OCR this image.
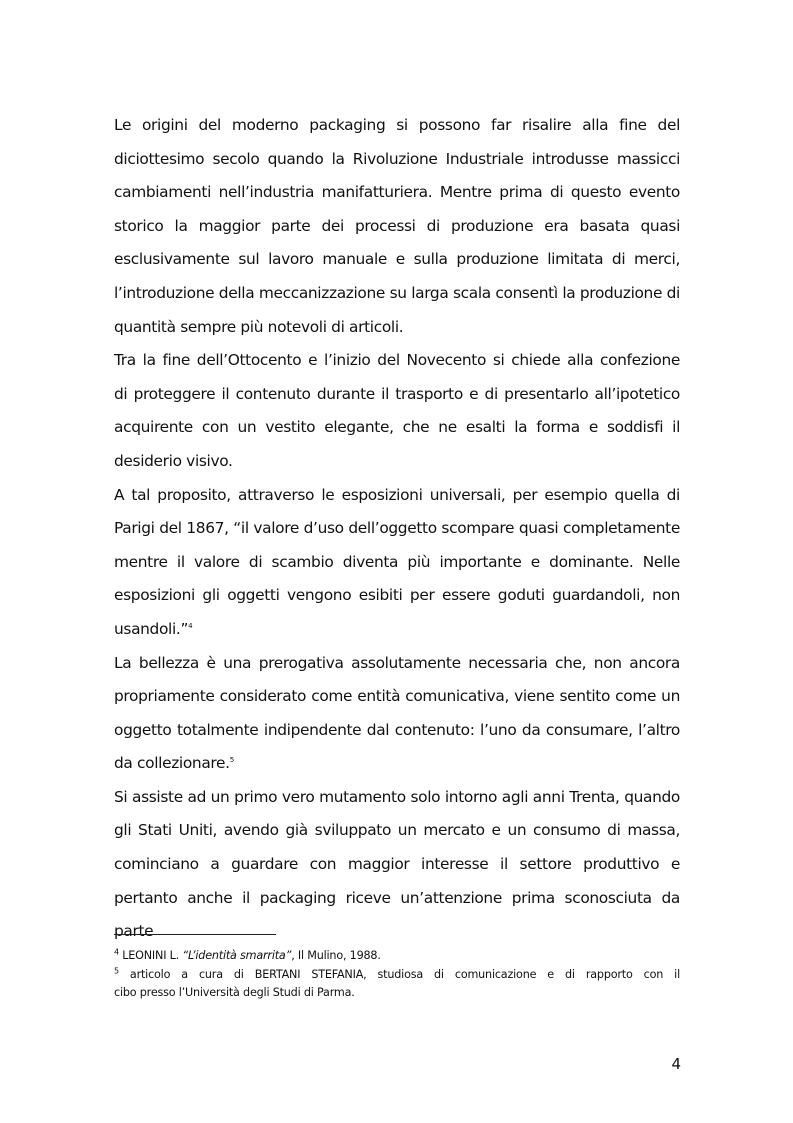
Le origini del moderno packaging si possono far risalire alla fine del

diciottesimo secolo quando la Rivoluzione Industriale introdusse massicci

cambiamenti nell’industria manifatturiera. Mentre prima di questo evento

storico la maggior parte dei processi di produzione era basata quasi

esclusivamente sul lavoro manuale e sulla produzione limitata di merci,

l’introduzione della meccanizzazione su larga scala consentì la produzione di

quantità sempre più notevoli di articoli.

Tra la fine dell’Ottocento e l’inizio del Novecento si chiede alla confezione

di proteggere il contenuto durante il trasporto e di presentarlo all’ipotetico

acquirente con un vestito elegante, che ne esalti la forma e soddisfi il

desiderio visivo.

A tal proposito, attraverso le esposizioni universali, per esempio quella di

Parigi del 1867, “il valore d’uso dell’oggetto scompare quasi completamente

mentre il valore di scambio diventa più importante e dominante. Nelle

esposizioni gli oggetti vengono esibiti per essere goduti guardandoli, non

usandoli.”$^4$

La bellezza è una prerogativa assolutamente necessaria che, non ancora

propriamente considerato come entità comunicativa, viene sentito come un

oggetto totalmente indipendente dal contenuto: l’uno da consumare, l’altro

da collezionare.$^5$

Si assiste ad un primo vero mutamento solo intorno agli anni Trenta, quando

gli Stati Uniti, avendo già sviluppato un mercato e un consumo di massa,

cominciano a guardare con maggior interesse il settore produttivo e

pertanto anche il packaging riceve un’attenzione prima sconosciuta da parte

$^4$ LEONINI L. “L’identità smarrita”, Il Mulino, 1988.

$^5$ articolo a cura di BERTANI STEFANIA, studiosa di comunicazione e di rapporto con il

cibo presso l’Università degli Studi di Parma.

4
